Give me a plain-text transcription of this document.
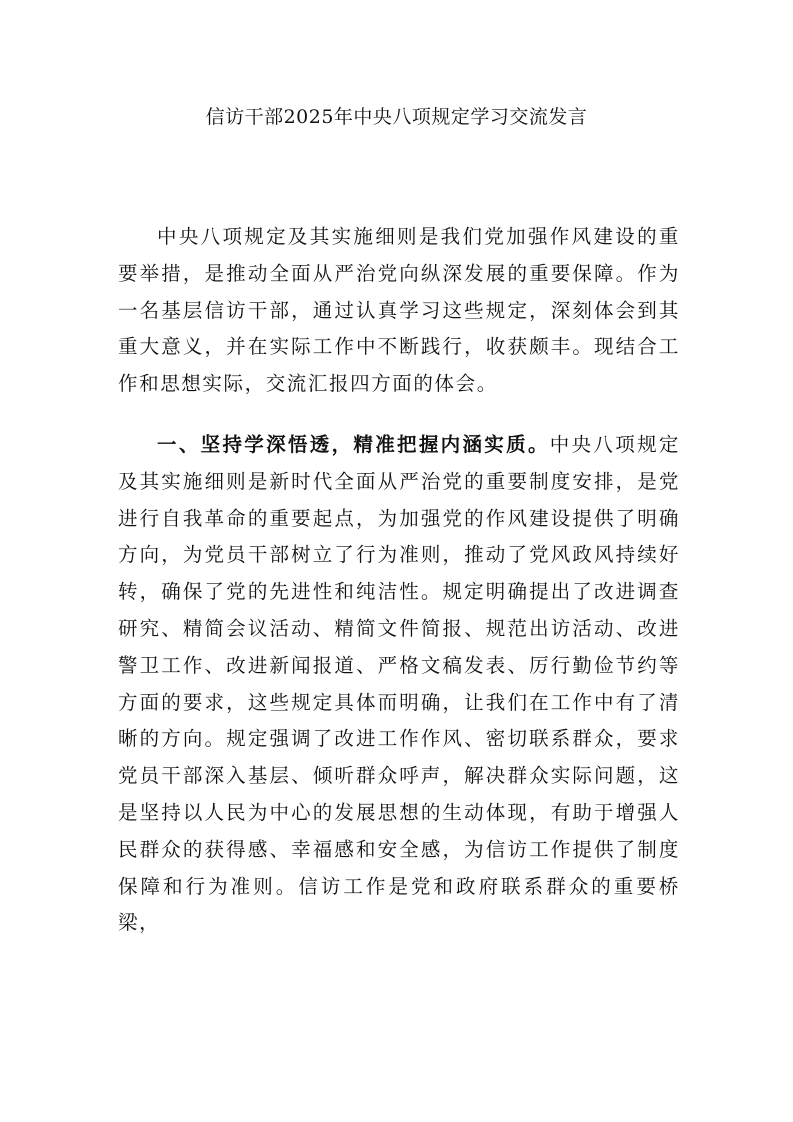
信访干部2025年中央八项规定学习交流发言

中央八项规定及其实施细则是我们党加强作风建设的重要举措，是推动全面从严治党向纵深发展的重要保障。作为一名基层信访干部，通过认真学习这些规定，深刻体会到其重大意义，并在实际工作中不断践行，收获颇丰。现结合工作和思想实际，交流汇报四方面的体会。

一、坚持学深悟透，精准把握内涵实质。中央八项规定及其实施细则是新时代全面从严治党的重要制度安排，是党进行自我革命的重要起点，为加强党的作风建设提供了明确方向，为党员干部树立了行为准则，推动了党风政风持续好转，确保了党的先进性和纯洁性。规定明确提出了改进调查研究、精简会议活动、精简文件简报、规范出访活动、改进警卫工作、改进新闻报道、严格文稿发表、厉行勤俭节约等方面的要求，这些规定具体而明确，让我们在工作中有了清晰的方向。规定强调了改进工作作风、密切联系群众，要求党员干部深入基层、倾听群众呼声，解决群众实际问题，这是坚持以人民为中心的发展思想的生动体现，有助于增强人民群众的获得感、幸福感和安全感，为信访工作提供了制度保障和行为准则。信访工作是党和政府联系群众的重要桥梁，
